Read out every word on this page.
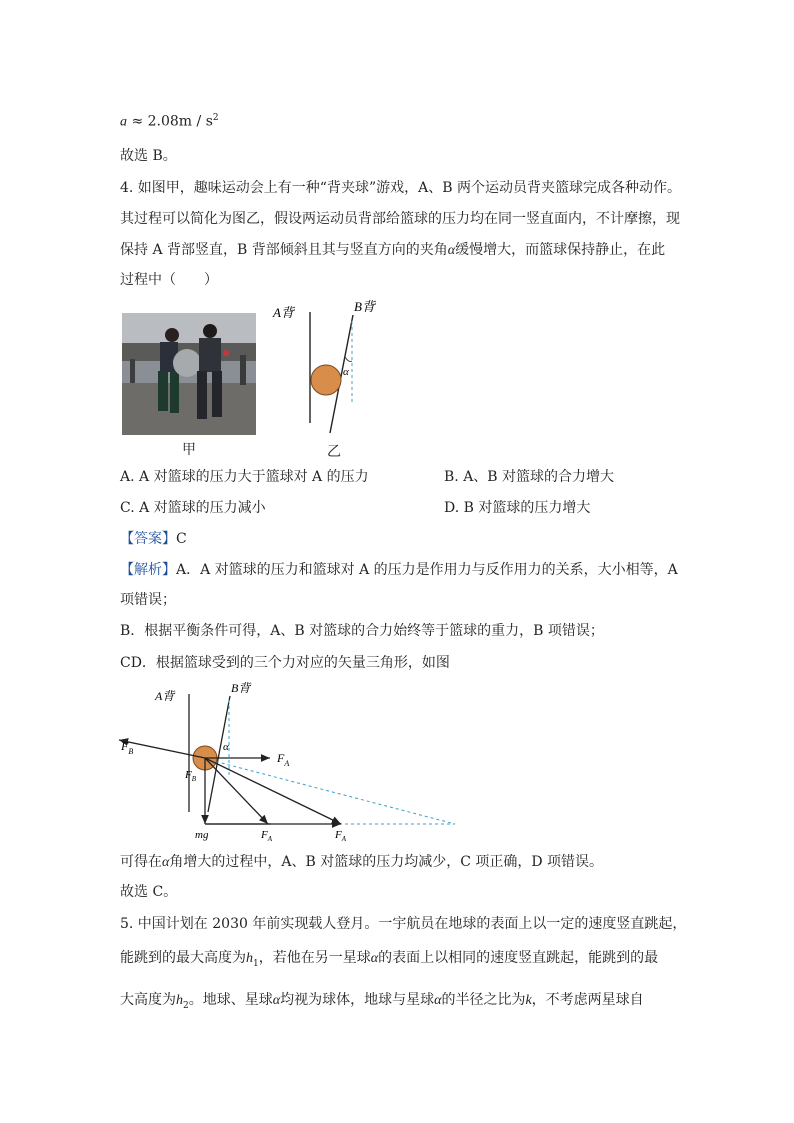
$a \approx 2.08m / s^2$
故选 B。
4. 如图甲，趣味运动会上有一种“背夹球”游戏，A、B 两个运动员背夹篮球完成各种动作。
其过程可以简化为图乙，假设两运动员背部给篮球的压力均在同一竖直面内，不计摩擦，现
保持 A 背部竖直，B 背部倾斜且其与竖直方向的夹角α缓慢增大，而篮球保持静止，在此
过程中（　　）
甲
A背	B背
α
乙
A. A 对篮球的压力大于篮球对 A 的压力	B. A、B 对篮球的合力增大
C. A 对篮球的压力减小	D. B 对篮球的压力增大
【答案】C
【解析】A．A 对篮球的压力和篮球对 A 的压力是作用力与反作用力的关系，大小相等，A
项错误；
B．根据平衡条件可得，A、B 对篮球的合力始终等于篮球的重力，B 项错误；
CD．根据篮球受到的三个力对应的矢量三角形，如图
A背
B背
α
$F_B$	$F_A$
mg
$F_B$
$F_A$	$F_A$
可得在α角增大的过程中，A、B 对篮球的压力均减少，C 项正确，D 项错误。
故选 C。
5. 中国计划在 2030 年前实现载人登月。一宇航员在地球的表面上以一定的速度竖直跳起，
能跳到的最大高度为$h_1$，若他在另一星球α的表面上以相同的速度竖直跳起，能跳到的最
大高度为$h_2$。地球、星球α均视为球体，地球与星球α的半径之比为k，不考虑两星球自
